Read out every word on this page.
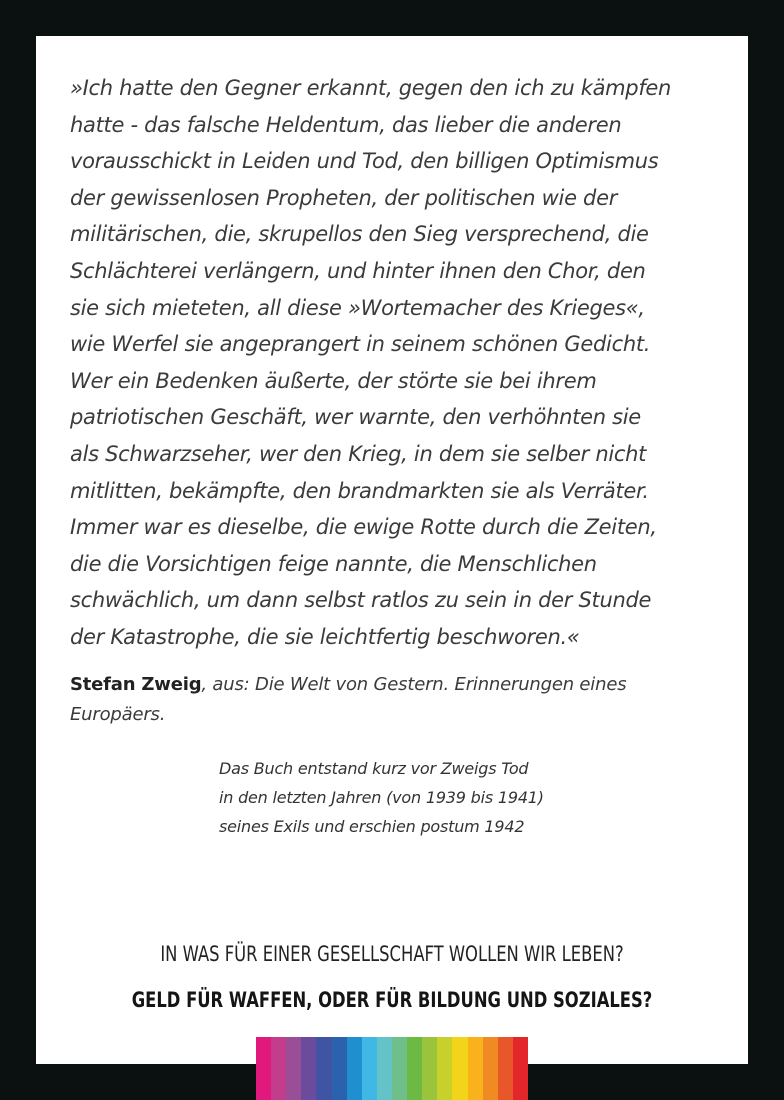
»Ich hatte den Gegner erkannt, gegen den ich zu kämpfen
hatte - das falsche Heldentum, das lieber die anderen
vorausschickt in Leiden und Tod, den billigen Optimismus
der gewissenlosen Propheten, der politischen wie der
militärischen, die, skrupellos den Sieg versprechend, die
Schlächterei verlängern, und hinter ihnen den Chor, den
sie sich mieteten, all diese »Wortemacher des Krieges«,
wie Werfel sie angeprangert in seinem schönen Gedicht.
Wer ein Bedenken äußerte, der störte sie bei ihrem
patriotischen Geschäft, wer warnte, den verhöhnten sie
als Schwarzseher, wer den Krieg, in dem sie selber nicht
mitlitten, bekämpfte, den brandmarkten sie als Verräter.
Immer war es dieselbe, die ewige Rotte durch die Zeiten,
die die Vorsichtigen feige nannte, die Menschlichen
schwächlich, um dann selbst ratlos zu sein in der Stunde
der Katastrophe, die sie leichtfertig beschworen.«
Stefan Zweig, aus: Die Welt von Gestern. Erinnerungen eines Europäers.
Das Buch entstand kurz vor Zweigs Tod
in den letzten Jahren (von 1939 bis 1941)
seines Exils und erschien postum 1942
IN WAS FÜR EINER GESELLSCHAFT WOLLEN WIR LEBEN?
GELD FÜR WAFFEN, ODER FÜR BILDUNG UND SOZIALES?
